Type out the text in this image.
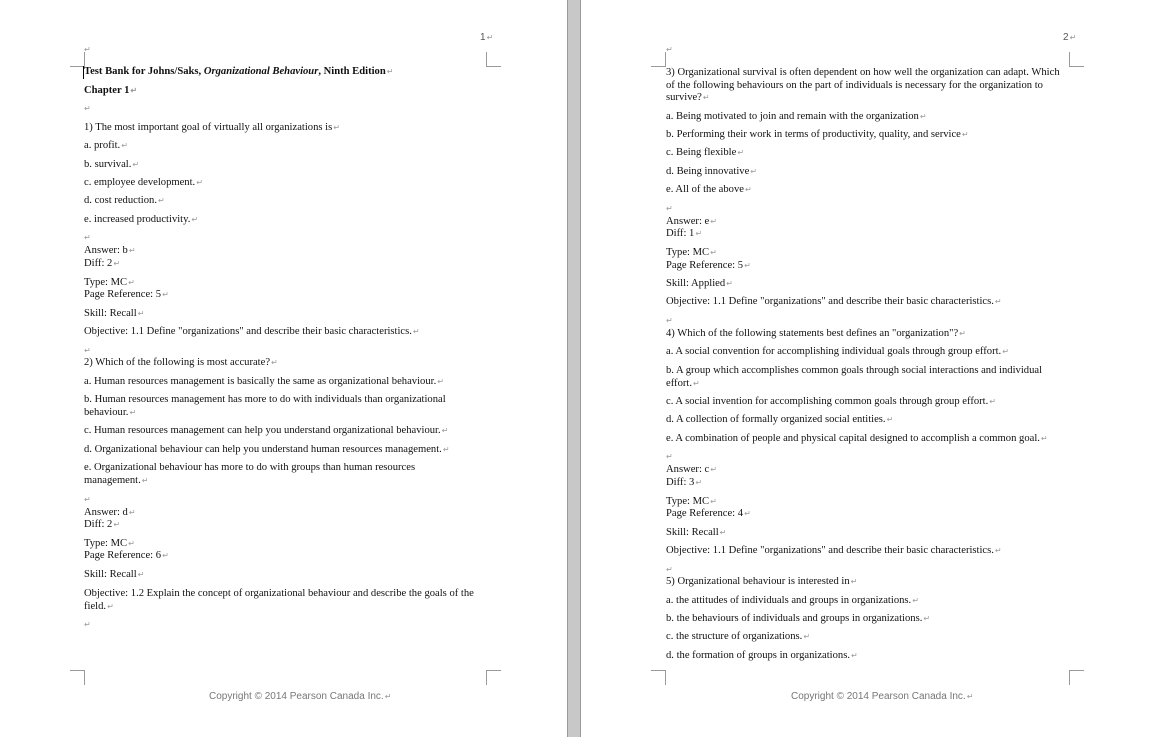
1 ↵
↵
Test Bank for Johns/Saks, Organizational Behaviour, Ninth Edition ↵
Chapter 1 ↵
↵
1) The most important goal of virtually all organizations is ↵
a. profit. ↵
b. survival. ↵
c. employee development. ↵
d. cost reduction. ↵
e. increased productivity. ↵
↵
Answer: b ↵
Diff: 2 ↵
Type: MC ↵
Page Reference: 5 ↵
Skill: Recall ↵
Objective: 1.1 Define "organizations" and describe their basic characteristics. ↵
↵
2) Which of the following is most accurate? ↵
a. Human resources management is basically the same as organizational behaviour. ↵
b. Human resources management has more to do with individuals than organizational behaviour. ↵
c. Human resources management can help you understand organizational behaviour. ↵
d. Organizational behaviour can help you understand human resources management. ↵
e. Organizational behaviour has more to do with groups than human resources management. ↵
↵
Answer: d ↵
Diff: 2 ↵
Type: MC ↵
Page Reference: 6 ↵
Skill: Recall ↵
Objective: 1.2 Explain the concept of organizational behaviour and describe the goals of the field. ↵
↵
Copyright © 2014 Pearson Canada Inc. ↵
2 ↵
↵
3) Organizational survival is often dependent on how well the organization can adapt. Which of the following behaviours on the part of individuals is necessary for the organization to survive? ↵
a. Being motivated to join and remain with the organization ↵
b. Performing their work in terms of productivity, quality, and service ↵
c. Being flexible ↵
d. Being innovative ↵
e. All of the above ↵
↵
Answer: e ↵
Diff: 1 ↵
Type: MC ↵
Page Reference: 5 ↵
Skill: Applied ↵
Objective: 1.1 Define "organizations" and describe their basic characteristics. ↵
↵
4) Which of the following statements best defines an "organization"? ↵
a. A social convention for accomplishing individual goals through group effort. ↵
b. A group which accomplishes common goals through social interactions and individual effort. ↵
c. A social invention for accomplishing common goals through group effort. ↵
d. A collection of formally organized social entities. ↵
e. A combination of people and physical capital designed to accomplish a common goal. ↵
↵
Answer: c ↵
Diff: 3 ↵
Type: MC ↵
Page Reference: 4 ↵
Skill: Recall ↵
Objective: 1.1 Define "organizations" and describe their basic characteristics. ↵
↵
5) Organizational behaviour is interested in ↵
a. the attitudes of individuals and groups in organizations. ↵
b. the behaviours of individuals and groups in organizations. ↵
c. the structure of organizations. ↵
d. the formation of groups in organizations. ↵
Copyright © 2014 Pearson Canada Inc. ↵
